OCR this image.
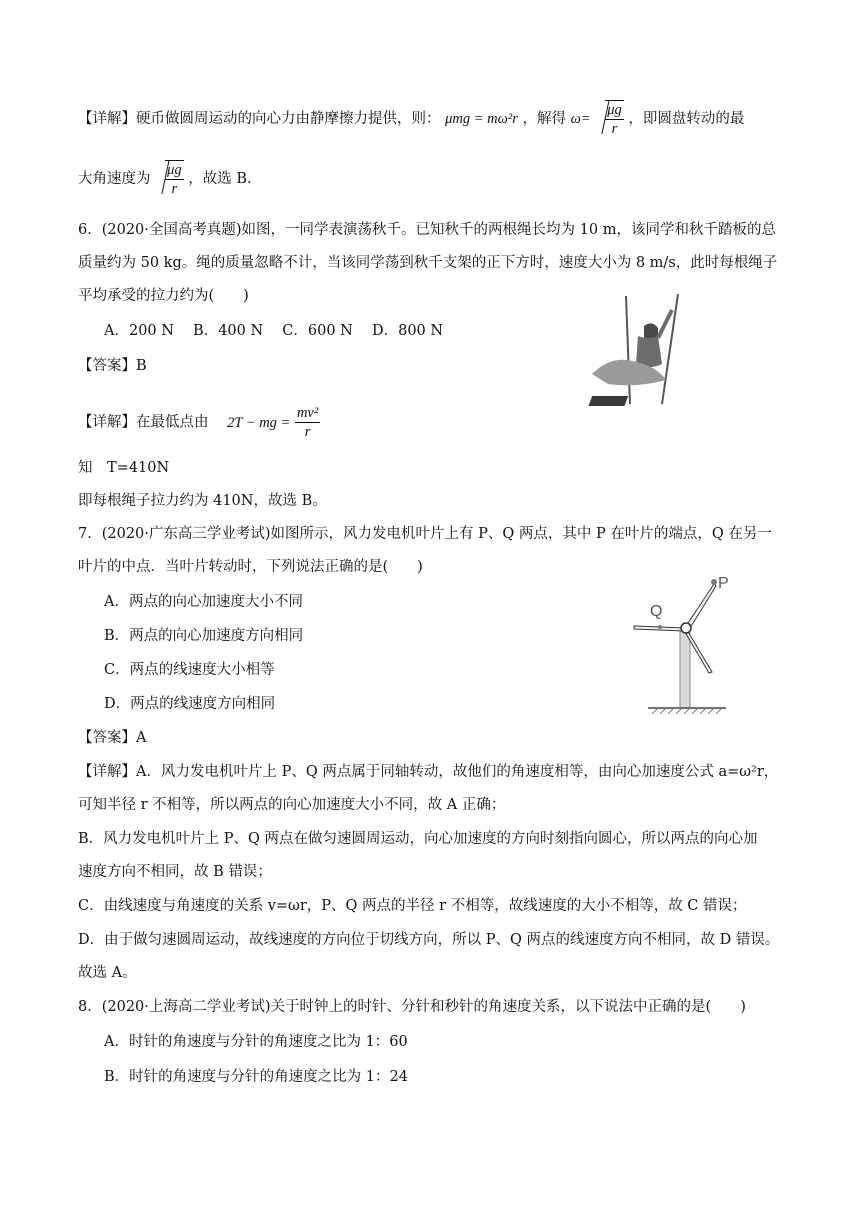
【详解】硬币做圆周运动的向心力由静摩擦力提供，则： μmg = mω²r ，解得 $\omega= \frac{\mu g}{r}$ ，即圆盘转动的最
大角速度为 $\frac{\mu g}{r}$ ，故选 B.
6．(2020·全国高考真题)如图，一同学表演荡秋千。已知秋千的两根绳长均为 10 m，该同学和秋千踏板的总
质量约为 50 kg。绳的质量忽略不计，当该同学荡到秋千支架的正下方时，速度大小为 8 m/s，此时每根绳子
平均承受的拉力约为(　　)
A．200 N　 B．400 N　 C．600 N　 D．800 N
【答案】B
【详解】在最低点由 2T − mg = $\frac{\text{mv²}}{r}$
知　T=410N
即每根绳子拉力约为 410N，故选 B。
7．(2020·广东高三学业考试)如图所示，风力发电机叶片上有 P、Q 两点，其中 P 在叶片的端点，Q 在另一
叶片的中点．当叶片转动时，下列说法正确的是(　　)
A．两点的向心加速度大小不同
B．两点的向心加速度方向相同
C．两点的线速度大小相等
D．两点的线速度方向相同
P
Q
【答案】A
【详解】A．风力发电机叶片上 P、Q 两点属于同轴转动，故他们的角速度相等，由向心加速度公式 a=ω²r，
可知半径 r 不相等，所以两点的向心加速度大小不同，故 A 正确；
B．风力发电机叶片上 P、Q 两点在做匀速圆周运动，向心加速度的方向时刻指向圆心，所以两点的向心加
速度方向不相同，故 B 错误；
C．由线速度与角速度的关系 v=ωr，P、Q 两点的半径 r 不相等，故线速度的大小不相等，故 C 错误；
D．由于做匀速圆周运动，故线速度的方向位于切线方向，所以 P、Q 两点的线速度方向不相同，故 D 错误。
故选 A。
8．(2020·上海高二学业考试)关于时钟上的时针、分针和秒针的角速度关系，以下说法中正确的是(　　)
A．时针的角速度与分针的角速度之比为 1：60
B．时针的角速度与分针的角速度之比为 1：24
